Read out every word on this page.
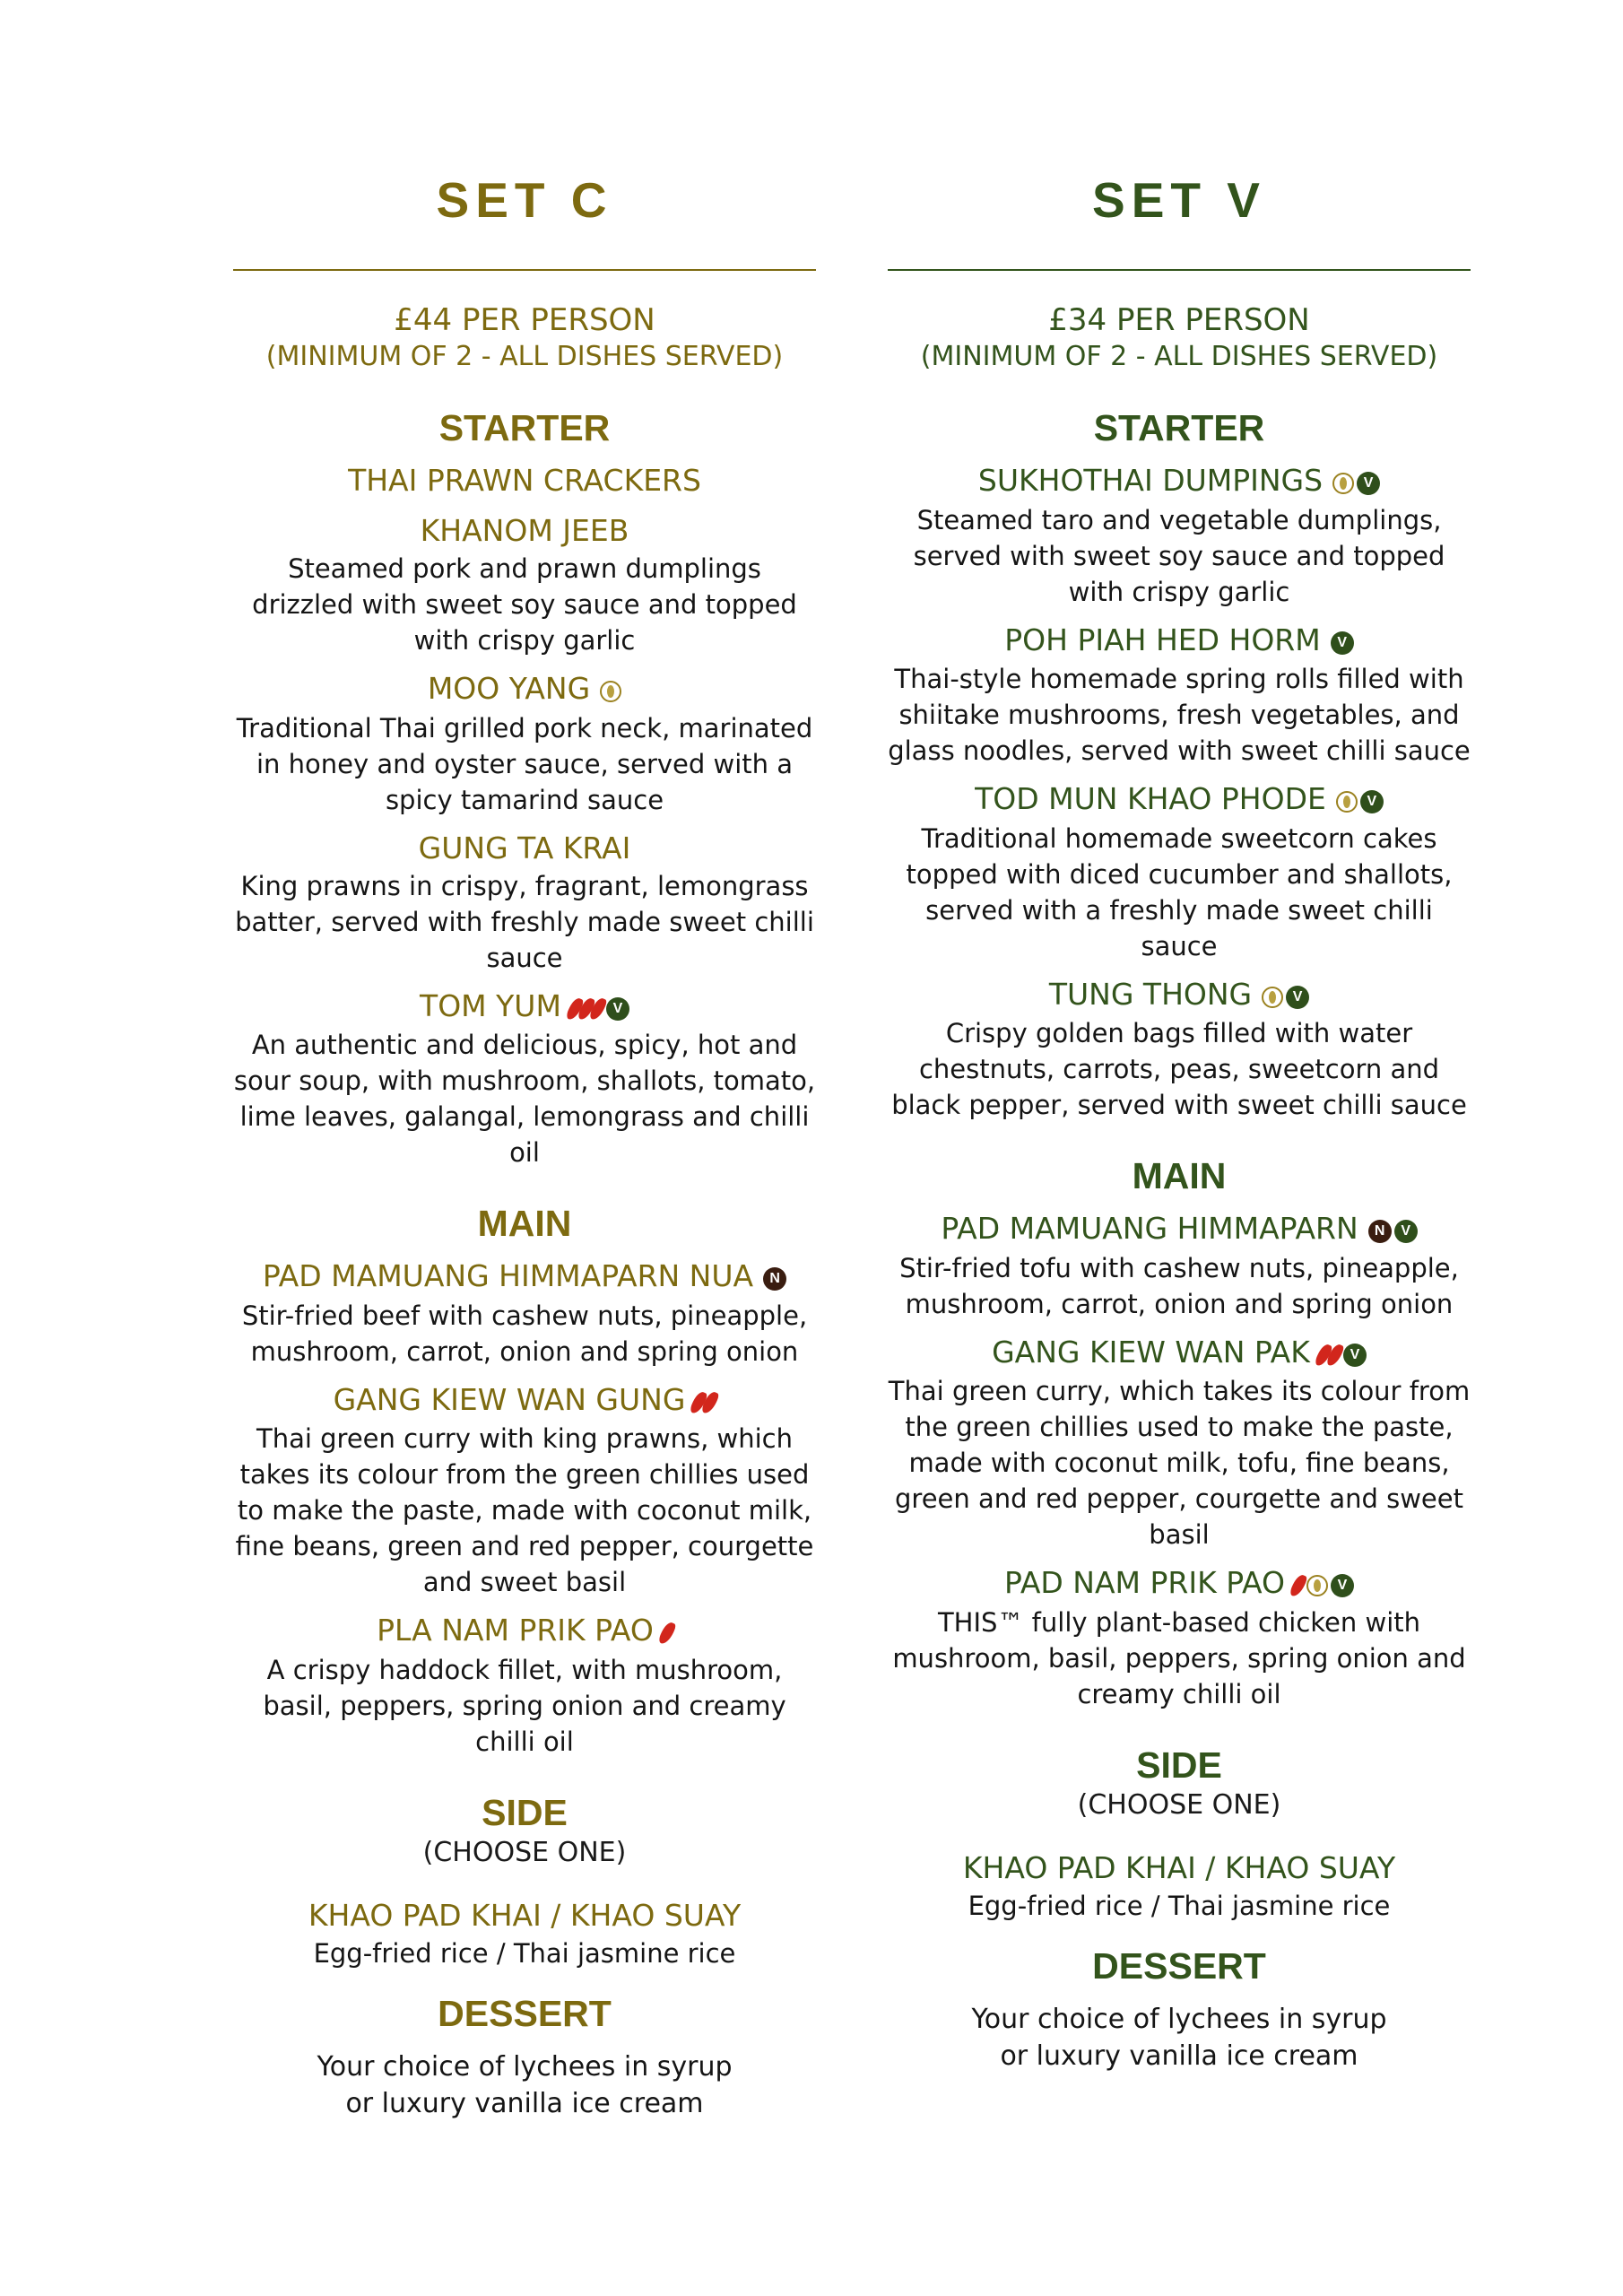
SET C
£44 PER PERSON
(MINIMUM OF 2 - ALL DISHES SERVED)
STARTER
THAI PRAWN CRACKERS
KHANOM JEEB
Steamed pork and prawn dumplings drizzled with sweet soy sauce and topped with crispy garlic
MOO YANG
Traditional Thai grilled pork neck, marinated in honey and oyster sauce, served with a spicy tamarind sauce
GUNG TA KRAI
King prawns in crispy, fragrant, lemongrass batter, served with freshly made sweet chilli sauce
TOM YUM	V
An authentic and delicious, spicy, hot and sour soup, with mushroom, shallots, tomato, lime leaves, galangal, lemongrass and chilli oil
MAIN
PAD MAMUANG HIMMAPARN NUA N
Stir-fried beef with cashew nuts, pineapple, mushroom, carrot, onion and spring onion
GANG KIEW WAN GUNG
Thai green curry with king prawns, which takes its colour from the green chillies used to make the paste, made with coconut milk, fine beans, green and red pepper, courgette and sweet basil
PLA NAM PRIK PAO
A crispy haddock fillet, with mushroom, basil, peppers, spring onion and creamy chilli oil
SIDE
(CHOOSE ONE)
KHAO PAD KHAI / KHAO SUAY
Egg-fried rice / Thai jasmine rice
DESSERT
Your choice of lychees in syrup or luxury vanilla ice cream
SET V
£34 PER PERSON
(MINIMUM OF 2 - ALL DISHES SERVED)
STARTER
SUKHOTHAI DUMPINGS	V
Steamed taro and vegetable dumplings, served with sweet soy sauce and topped with crispy garlic
POH PIAH HED HORM V
Thai-style homemade spring rolls filled with shiitake mushrooms, fresh vegetables, and glass noodles, served with sweet chilli sauce
TOD MUN KHAO PHODE	V
Traditional homemade sweetcorn cakes topped with diced cucumber and shallots, served with a freshly made sweet chilli sauce
TUNG THONG	V
Crispy golden bags filled with water chestnuts, carrots, peas, sweetcorn and black pepper, served with sweet chilli sauce
MAIN
PAD MAMUANG HIMMAPARN N V
Stir-fried tofu with cashew nuts, pineapple, mushroom, carrot, onion and spring onion
GANG KIEW WAN PAK	V
Thai green curry, which takes its colour from the green chillies used to make the paste, made with coconut milk, tofu, fine beans, green and red pepper, courgette and sweet basil
PAD NAM PRIK PAO	V
THIS™ fully plant-based chicken with mushroom, basil, peppers, spring onion and creamy chilli oil
SIDE
(CHOOSE ONE)
KHAO PAD KHAI / KHAO SUAY
Egg-fried rice / Thai jasmine rice
DESSERT
Your choice of lychees in syrup or luxury vanilla ice cream
